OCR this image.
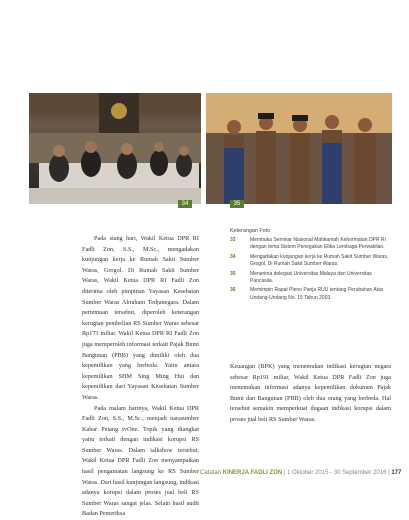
34	35
Keterangan Foto:
33	Membuka Seminar Nasional Mahkamah Kehormatan DPR RI dengan tema Sistem Penegakan Etika Lembaga Perwakilan.
34	Mengadakan kunjungan kerja ke Rumah Sakit Sumber Waras, Grogol, Di Rumah Sakit Sumber Waras.
35	Menerima delegasi Universitas Malaya dan Universitas Pancasila.
36	Memimpin Rapat Pleno Panja RUU tentang Perubahan Atas Undang-Undang No. 15 Tahun 2003.

Pada siang hari, Wakil Ketua DPR RI Fadli Zon, S.S., M.Sc., mengadakan kunjungan kerja ke Rumah Sakit Sumber Waras, Grogol. Di Rumah Sakit Sumber Waras, Wakil Ketua DPR RI Fadli Zon diterima oleh pimpinan Yayasan Kesehatan Sumber Waras Abraham Tedjanegara. Dalam pertemuan tersebut, diperoleh keterangan kerugian pembelian RS Sumber Waras sebesar Rp173 miliar. Wakil Ketua DPR RI Fadli Zon juga memperoleh informasi terkait Pajak Bumi Bangunan (PBB) yang dimiliki oleh dua kepemilikan yang berbeda. Yaitu antara kepemilikan SHM Sing Ming Hui dan kepemilikan dari Yayasan Kesehatan Sumber Waras.

Pada malam harinya, Wakil Ketua DPR Fadli Zon, S.S., M.Sc., menjadi narasumber Kabar Petang tvOne. Topik yang diangkat yaitu terkait dengan indikasi korupsi RS Sumber Waras. Dalam talkshow tersebut, Wakil Ketua DPR Fadli Zon menyampaikan hasil pengamatan langsung ke RS Sumber Waras. Dari hasil kunjungan langsung, indikasi adanya korupsi dalam proses jual beli RS Sumber Waras sangat jelas. Selain hasil audit Badan Pemeriksa

Keuangan (BPK) yang menemukan indikasi kerugian negara sebesar Rp191 miliar, Wakil Ketua DPR Fadli Zon juga menemukan informasi adanya kepemilikan dokumen Pajak Bumi dan Bangunan (PBB) oleh dua orang yang berbeda. Hal tersebut semakin memperkuat dugaan indikasi korupsi dalam proses jual beli RS Sumber Waras.

Catatan KINERJA FADLI ZON | 1 Oktober 2015 - 30 September 2016 | 177
